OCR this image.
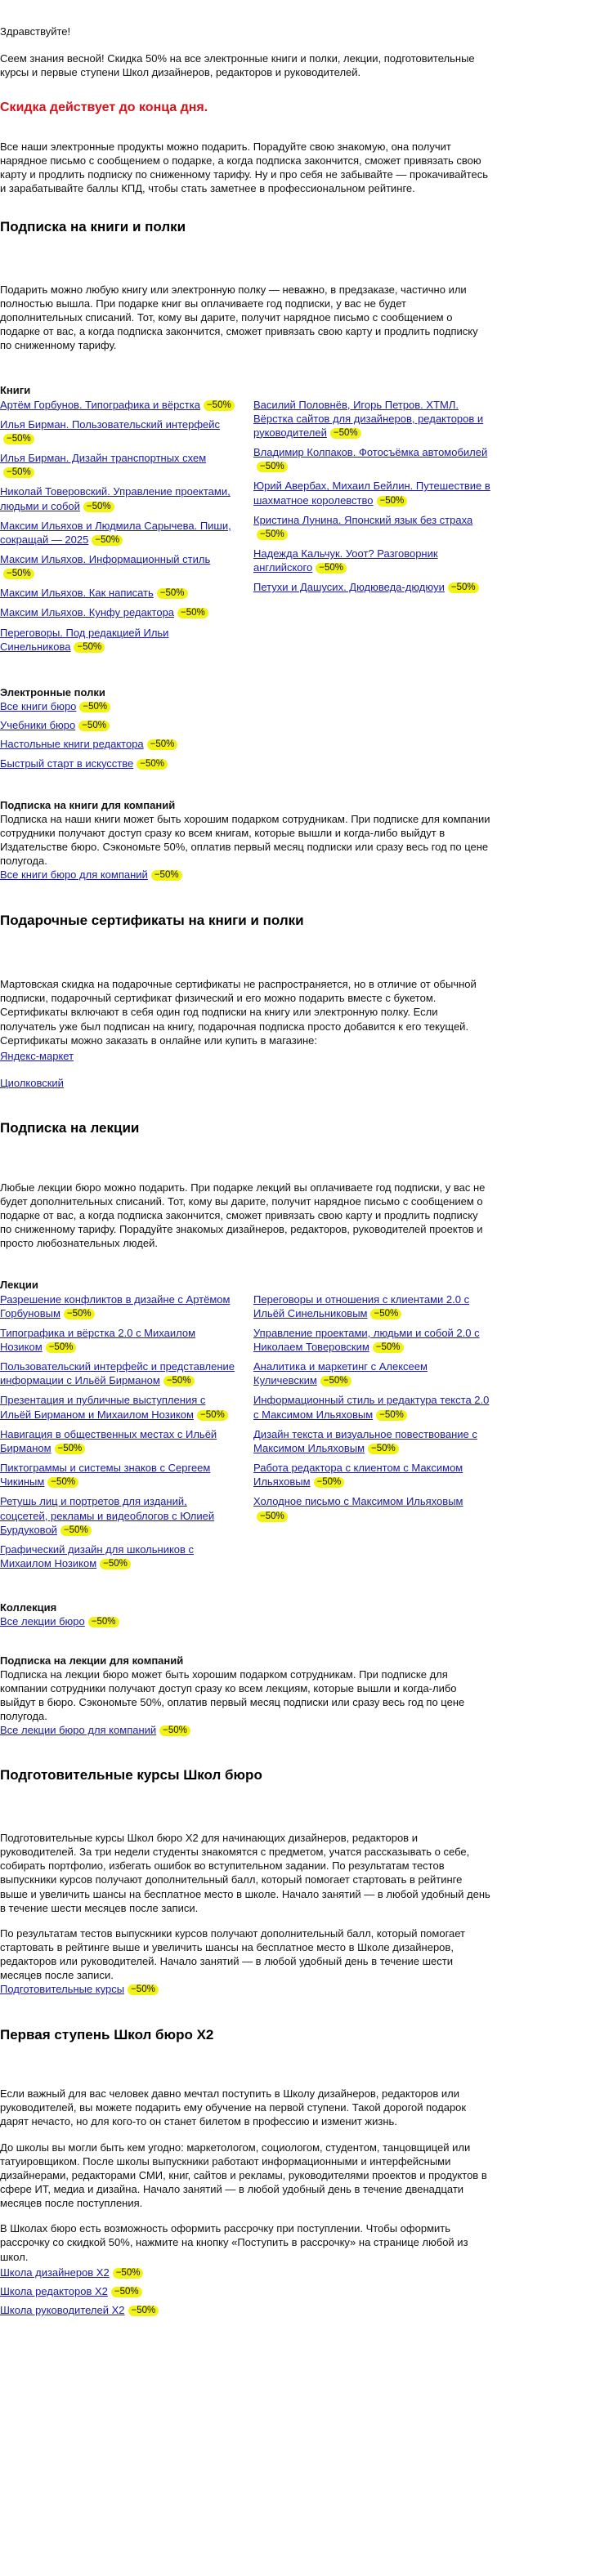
Здравствуйте!

Сеем знания весной! Скидка 50% на все электронные книги и полки, лекции, подготовительные курсы и первые ступени Школ дизайнеров, редакторов и руководителей.

Скидка действует до конца дня.

Все наши электронные продукты можно подарить. Порадуйте свою знакомую, она получит нарядное письмо с сообщением о подарке, а когда подписка закончится, сможет привязать свою карту и продлить подписку по сниженному тарифу. Ну и про себя не забывайте — прокачивайтесь и зарабатывайте баллы КПД, чтобы стать заметнее в профессиональном рейтинге.

Подписка на книги и полки

Подарить можно любую книгу или электронную полку — неважно, в предзаказе, частично или полностью вышла. При подарке книг вы оплачиваете год подписки, у вас не будет дополнительных списаний. Тот, кому вы дарите, получит нарядное письмо с сообщением о подарке от вас, а когда подписка закончится, сможет привязать свою карту и продлить подписку по сниженному тарифу.

Книги
Артём Горбунов. Типографика и вёрстка −50%
Илья Бирман. Пользовательский интерфейс−50%
Илья Бирман. Дизайн транспортных схем−50%
Николай Товеровский. Управление проектами, людьми и собой −50%
Максим Ильяхов и Людмила Сарычева. Пиши, сокращай — 2025 −50%
Максим Ильяхов. Информационный стиль−50%
Максим Ильяхов. Как написать −50%
Максим Ильяхов. Кунфу редактора −50%
Переговоры. Под редакцией Ильи Синельникова −50%
Василий Половнёв, Игорь Петров. ХТМЛ. Вёрстка сайтов для дизайнеров, редакторов и руководителей −50%
Владимир Колпаков. Фотосъёмка автомобилей−50%
Юрий Авербах, Михаил Бейлин. Путешествие в шахматное королевство −50%
Кристина Лунина. Японский язык без страха−50%
Надежда Кальчук. Уоот? Разговорник английского −50%
Петухи и Дашусих. Дюдюведа-дюдюуи −50%
Электронные полки
Все книги бюро −50%
Учебники бюро −50%
Настольные книги редактора −50%
Быстрый старт в искусстве −50%
Подписка на книги для компаний
Подписка на наши книги может быть хорошим подарком сотрудникам. При подписке для компании сотрудники получают доступ сразу ко всем книгам, которые вышли и когда-либо выйдут в Издательстве бюро. Сэкономьте 50%, оплатив первый месяц подписки или сразу весь год по цене полугода.
Все книги бюро для компаний −50%
Подарочные сертификаты на книги и полки
Мартовская скидка на подарочные сертификаты не распространяется, но в отличие от обычной подписки, подарочный сертификат физический и его можно подарить вместе с букетом. Сертификаты включают в себя один год подписки на книгу или электронную полку. Если получатель уже был подписан на книгу, подарочная подписка просто добавится к его текущей. Сертификаты можно заказать в онлайне или купить в магазине:
Яндекс-маркет
Циолковский
Подписка на лекции

Любые лекции бюро можно подарить. При подарке лекций вы оплачиваете год подписки, у вас не будет дополнительных списаний. Тот, кому вы дарите, получит нарядное письмо с сообщением о подарке от вас, а когда подписка закончится, сможет привязать свою карту и продлить подписку по сниженному тарифу. Порадуйте знакомых дизайнеров, редакторов, руководителей проектов и просто любознательных людей.

Лекции
Разрешение конфликтов в дизайне с Артёмом Горбуновым −50%
Типографика и вёрстка 2.0 с Михаилом Нозиком −50%
Пользовательский интерфейс и представление информации с Ильёй Бирманом −50%
Презентация и публичные выступления с Ильёй Бирманом и Михаилом Нозиком −50%
Навигация в общественных местах с Ильёй Бирманом −50%
Пиктограммы и системы знаков с Сергеем Чикиным −50%
Ретушь лиц и портретов для изданий, соцсетей, рекламы и видеоблогов с Юлией Бурдуковой −50%
Графический дизайн для школьников с Михаилом Нозиком −50%
Переговоры и отношения с клиентами 2.0 с Ильёй Синельниковым −50%
Управление проектами, людьми и собой 2.0 с Николаем Товеровским −50%
Аналитика и маркетинг с Алексеем Куличевским −50%
Информационный стиль и редактура текста 2.0 с Максимом Ильяховым −50%
Дизайн текста и визуальное повествование с Максимом Ильяховым −50%
Работа редактора с клиентом с Максимом Ильяховым −50%
Холодное письмо с Максимом Ильяховым−50%
Коллекция
Все лекции бюро −50%
Подписка на лекции для компаний
Подписка на лекции бюро может быть хорошим подарком сотрудникам. При подписке для компании сотрудники получают доступ сразу ко всем лекциям, которые вышли и когда-либо выйдут в бюро. Сэкономьте 50%, оплатив первый месяц подписки или сразу весь год по цене полугода.
Все лекции бюро для компаний −50%
Подготовительные курсы Школ бюро

Подготовительные курсы Школ бюро Х2 для начинающих дизайнеров, редакторов и руководителей. За три недели студенты знакомятся с предметом, учатся рассказывать о себе, собирать портфолио, избегать ошибок во вступительном задании. По результатам тестов выпускники курсов получают дополнительный балл, который помогает стартовать в рейтинге выше и увеличить шансы на бесплатное место в школе. Начало занятий — в любой удобный день в течение шести месяцев после записи.

По результатам тестов выпускники курсов получают дополнительный балл, который помогает стартовать в рейтинге выше и увеличить шансы на бесплатное место в Школе дизайнеров, редакторов или руководителей. Начало занятий — в любой удобный день в течение шести месяцев после записи.
Подготовительные курсы −50%
Первая ступень Школ бюро Х2

Если важный для вас человек давно мечтал поступить в Школу дизайнеров, редакторов или руководителей, вы можете подарить ему обучение на первой ступени. Такой дорогой подарок дарят нечасто, но для кого-то он станет билетом в профессию и изменит жизнь.

До школы вы могли быть кем угодно: маркетологом, социологом, студентом, танцовщицей или татуировщиком. После школы выпускники работают информационными и интерфейсными дизайнерами, редакторами СМИ, книг, сайтов и рекламы, руководителями проектов и продуктов в сфере ИТ, медиа и дизайна. Начало занятий — в любой удобный день в течение двенадцати месяцев после поступления.

В Школах бюро есть возможность оформить рассрочку при поступлении. Чтобы оформить рассрочку со скидкой 50%, нажмите на кнопку «Поступить в рассрочку» на странице любой из школ.
Школа дизайнеров Х2 −50%
Школа редакторов Х2 −50%
Школа руководителей Х2 −50%
